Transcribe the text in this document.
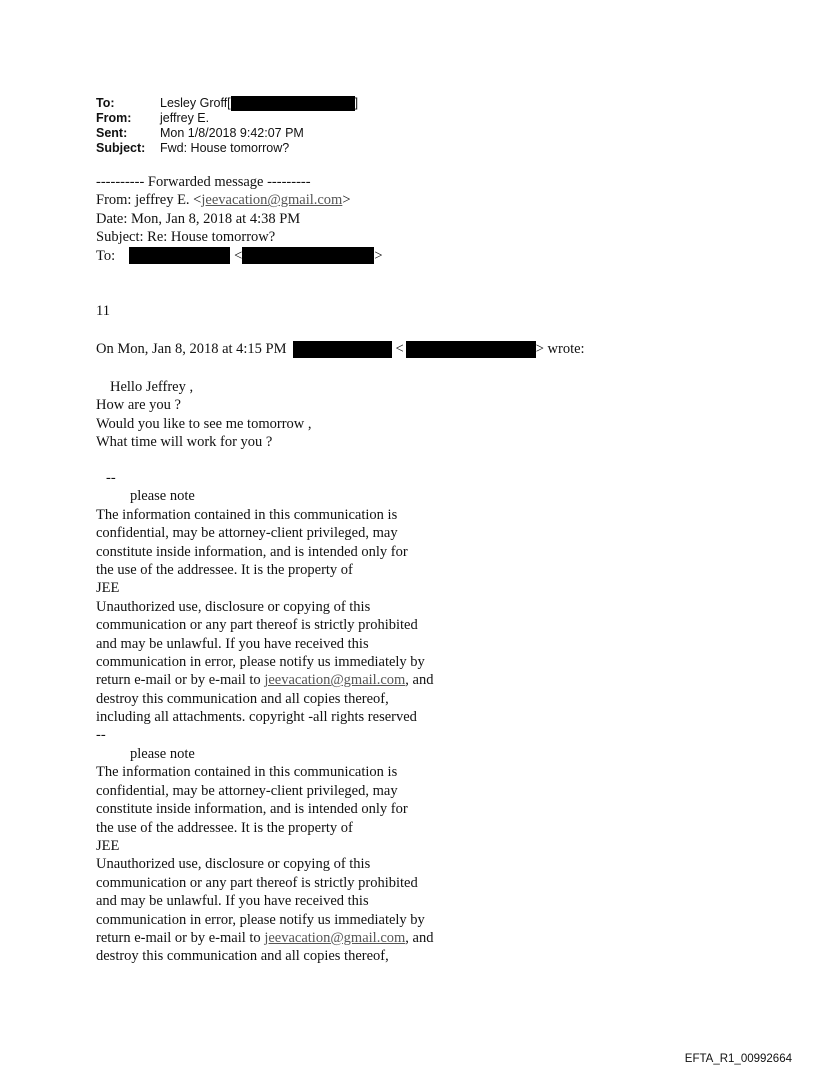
To:	Lesley Groff[	]
From:	jeffrey E.
Sent:	Mon 1/8/2018 9:42:07 PM
Subject:	Fwd: House tomorrow?
---------- Forwarded message ---------
From: jeffrey E. < jeevacation@gmail.com >
Date: Mon, Jan 8, 2018 at 4:38 PM
Subject: Re: House tomorrow?
To:	<	>
11
On Mon, Jan 8, 2018 at 4:15 PM	<	> wrote:
Hello Jeffrey ,
How are you ?
Would you like to see me tomorrow ,
What time will work for you ?
--
please note
The information contained in this communication is
confidential, may be attorney-client privileged, may
constitute inside information, and is intended only for
the use of the addressee. It is the property of
JEE
Unauthorized use, disclosure or copying of this
communication or any part thereof is strictly prohibited
and may be unlawful. If you have received this
communication in error, please notify us immediately by
return e-mail or by e-mail to jeevacation@gmail.com , and
destroy this communication and all copies thereof,
including all attachments. copyright -all rights reserved
--
please note
The information contained in this communication is
confidential, may be attorney-client privileged, may
constitute inside information, and is intended only for
the use of the addressee. It is the property of
JEE
Unauthorized use, disclosure or copying of this
communication or any part thereof is strictly prohibited
and may be unlawful. If you have received this
communication in error, please notify us immediately by
return e-mail or by e-mail to jeevacation@gmail.com , and
destroy this communication and all copies thereof,
EFTA_R1_00992664
